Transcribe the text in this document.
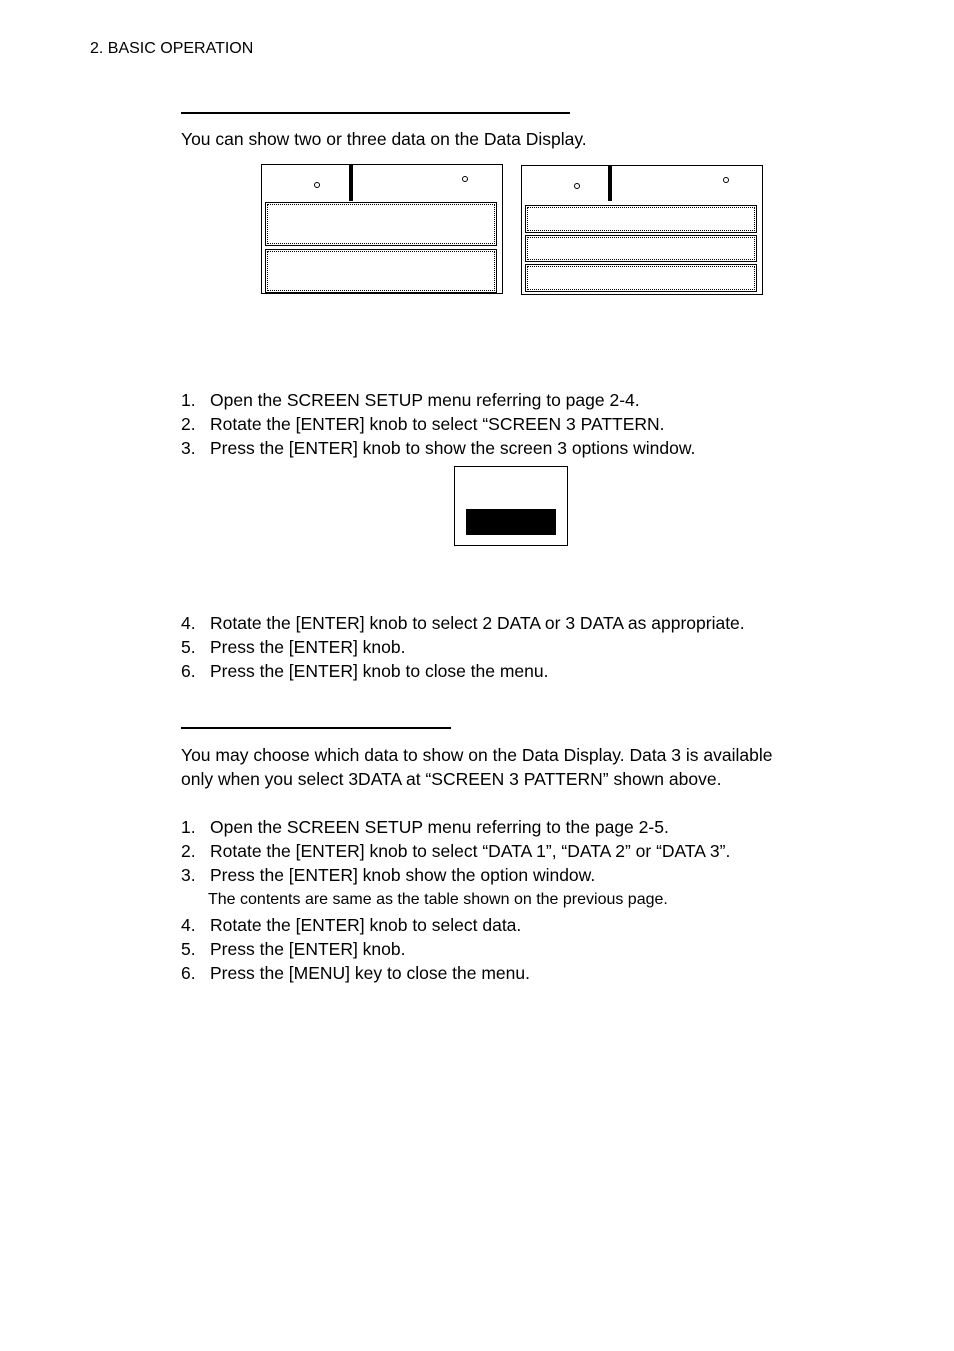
2. BASIC OPERATION
You can show two or three data on the Data Display.
1. Open the SCREEN SETUP menu referring to page 2-4.
2. Rotate the [ENTER] knob to select “SCREEN 3 PATTERN.
3. Press the [ENTER] knob to show the screen 3 options window.
4. Rotate the [ENTER] knob to select 2 DATA or 3 DATA as appropriate.
5. Press the [ENTER] knob.
6. Press the [ENTER] knob to close the menu.
You may choose which data to show on the Data Display. Data 3 is available
only when you select 3DATA at “SCREEN 3 PATTERN” shown above.
1. Open the SCREEN SETUP menu referring to the page 2-5.
2. Rotate the [ENTER] knob to select “DATA 1”, “DATA 2” or “DATA 3”.
3. Press the [ENTER] knob show the option window.
The contents are same as the table shown on the previous page.
4. Rotate the [ENTER] knob to select data.
5. Press the [ENTER] knob.
6. Press the [MENU] key to close the menu.
